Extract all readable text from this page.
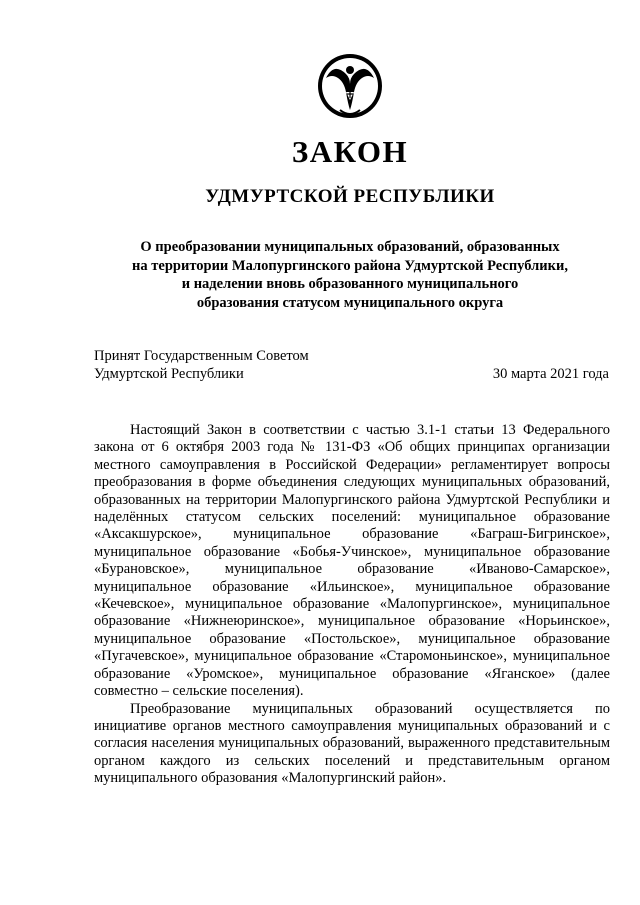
ЗАКОН
УДМУРТСКОЙ РЕСПУБЛИКИ
О преобразовании муниципальных образований, образованных
на территории Малопургинского района Удмуртской Республики,
и наделении вновь образованного муниципального
образования статусом муниципального округа
Принят Государственным Советом
Удмуртской Республики	30 марта 2021 года

Настоящий Закон в соответствии с частью 3.1-1 статьи 13 Федерального закона от 6 октября 2003 года № 131-ФЗ «Об общих принципах организации местного самоуправления в Российской Федерации» регламентирует вопросы преобразования в форме объединения следующих муниципальных образований, образованных на территории Малопургинского района Удмуртской Республики и наделённых статусом сельских поселений: муниципальное образование «Аксакшурское», муниципальное образование «Баграш-Бигринское», муниципальное образование «Бобья-Учинское», муниципальное образование «Бурановское», муниципальное образование «Иваново-Самарское», муниципальное образование «Ильинское», муниципальное образование «Кечевское», муниципальное образование «Малопургинское», муниципальное образование «Нижнеюринское», муниципальное образование «Норьинское», муниципальное образование «Постольское», муниципальное образование «Пугачевское», муниципальное образование «Старомоньинское», муниципальное образование «Уромское», муниципальное образование «Яганское» (далее совместно – сельские поселения).

Преобразование муниципальных образований осуществляется по инициативе органов местного самоуправления муниципальных образований и с согласия населения муниципальных образований, выраженного представительным органом каждого из сельских поселений и представительным органом муниципального образования «Малопургинский район».
